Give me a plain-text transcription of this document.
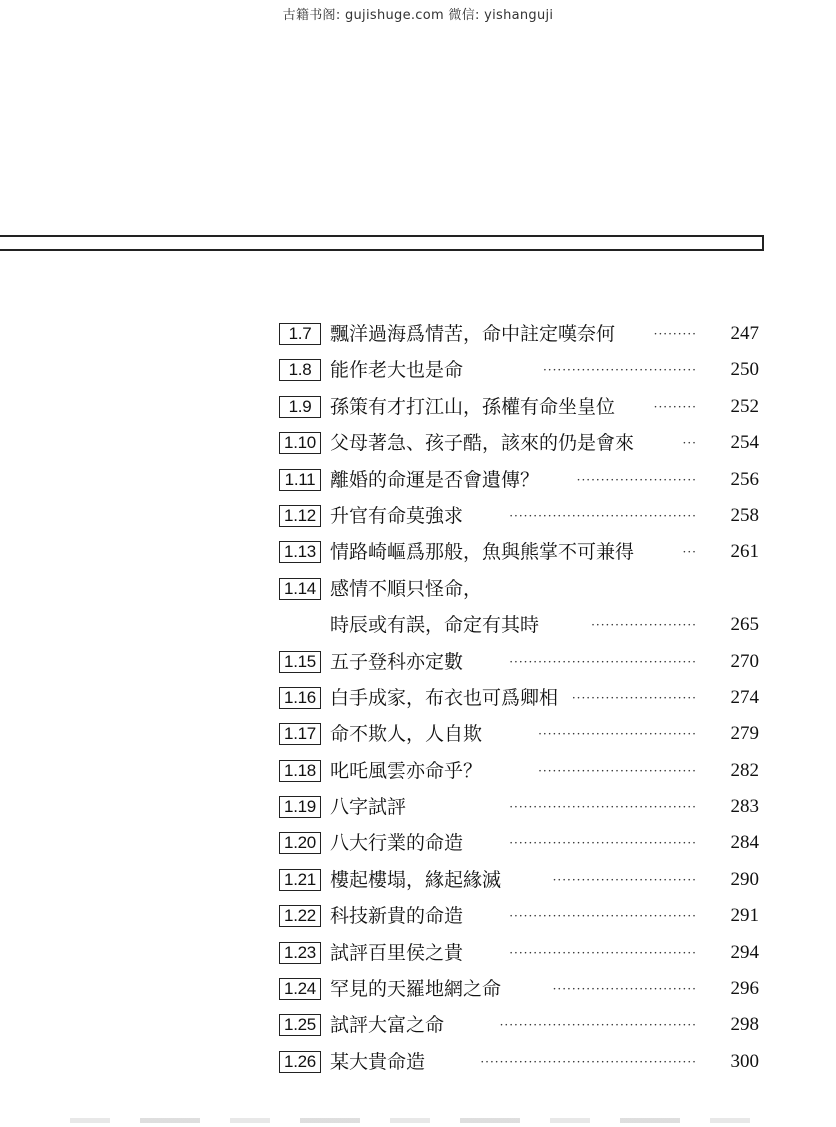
古籍书阁: gujishuge.com 微信: yishanguji
1.7 飄洋過海爲情苦，命中註定嘆奈何	·········	247
1.8 能作老大也是命	································	250
1.9 孫策有才打江山，孫權有命坐皇位	·········	252
1.10 父母著急、孩子酷，該來的仍是會來	···	254
1.11 離婚的命運是否會遺傳？	·························	256
1.12 升官有命莫強求	·······································	258
1.13 情路崎嶇爲那般，魚與熊掌不可兼得	···	261
1.14 感情不順只怪命，
時辰或有誤，命定有其時	······················	265
1.15 五子登科亦定數	·······································	270
1.16 白手成家，布衣也可爲卿相	··························	274
1.17 命不欺人，人自欺	·································	279
1.18 叱吒風雲亦命乎？	·································	282
1.19 八字試評	·······································	283
1.20 八大行業的命造	·······································	284
1.21 樓起樓塌，緣起緣滅	······························	290
1.22 科技新貴的命造	·······································	291
1.23 試評百里侯之貴	·······································	294
1.24 罕見的天羅地網之命	······························	296
1.25 試評大富之命	·········································	298
1.26 某大貴命造	·············································	300
